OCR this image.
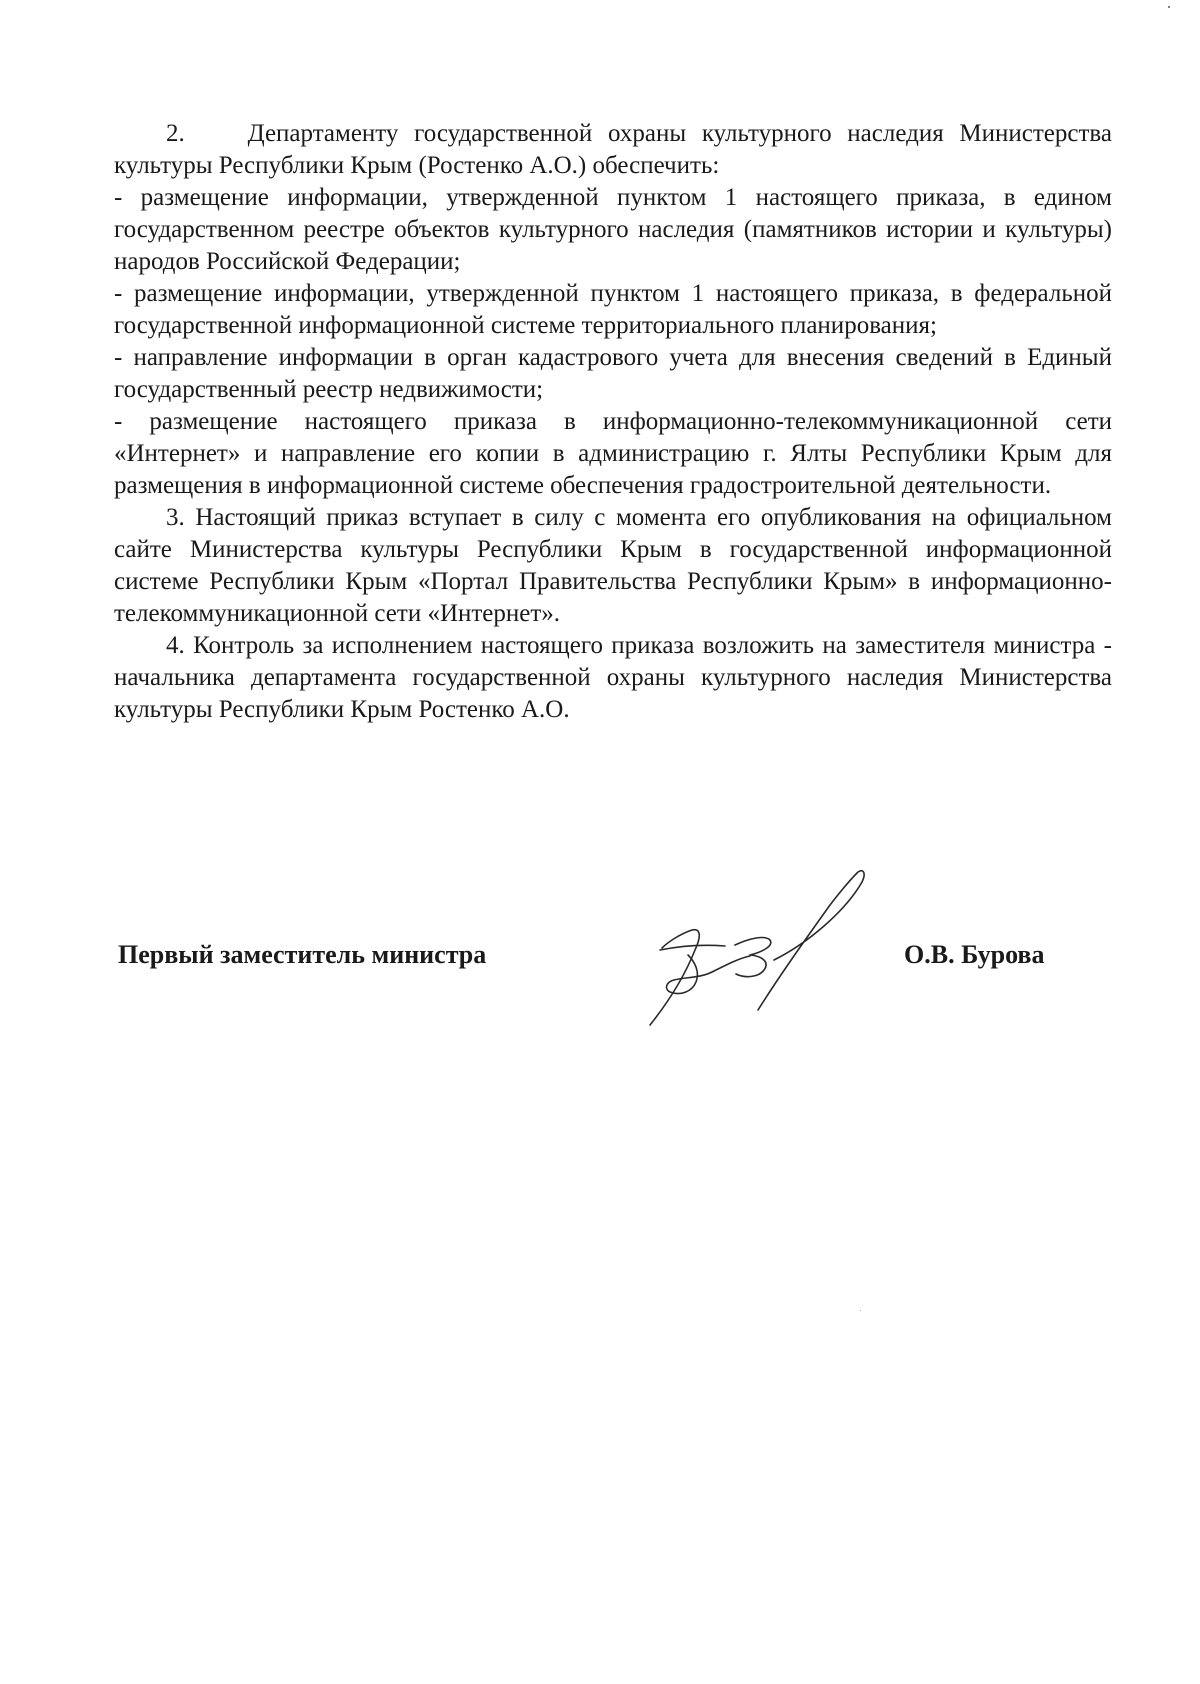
2.    Департаменту государственной охраны культурного наследия Министерства культуры Республики Крым (Ростенко А.О.) обеспечить:

- размещение информации, утвержденной пунктом 1 настоящего приказа, в едином государственном реестре объектов культурного наследия (памятников истории и культуры) народов Российской Федерации;

- размещение информации, утвержденной пунктом 1 настоящего приказа, в федеральной государственной информационной системе территориального планирования;

- направление информации в орган кадастрового учета для внесения сведений в Единый государственный реестр недвижимости;

- размещение настоящего приказа в информационно-телекоммуникационной сети «Интернет» и направление его копии в администрацию г. Ялты Республики Крым для размещения в информационной системе обеспечения градостроительной деятельности.

3. Настоящий приказ вступает в силу с момента его опубликования на официальном сайте Министерства культуры Республики Крым в государственной информационной системе Республики Крым «Портал Правительства Республики Крым» в информационно-телекоммуникационной сети «Интернет».

4. Контроль за исполнением настоящего приказа возложить на заместителя министра - начальника департамента государственной охраны культурного наследия Министерства культуры Республики Крым Ростенко А.О.

Первый заместитель министра	О.В. Бурова
